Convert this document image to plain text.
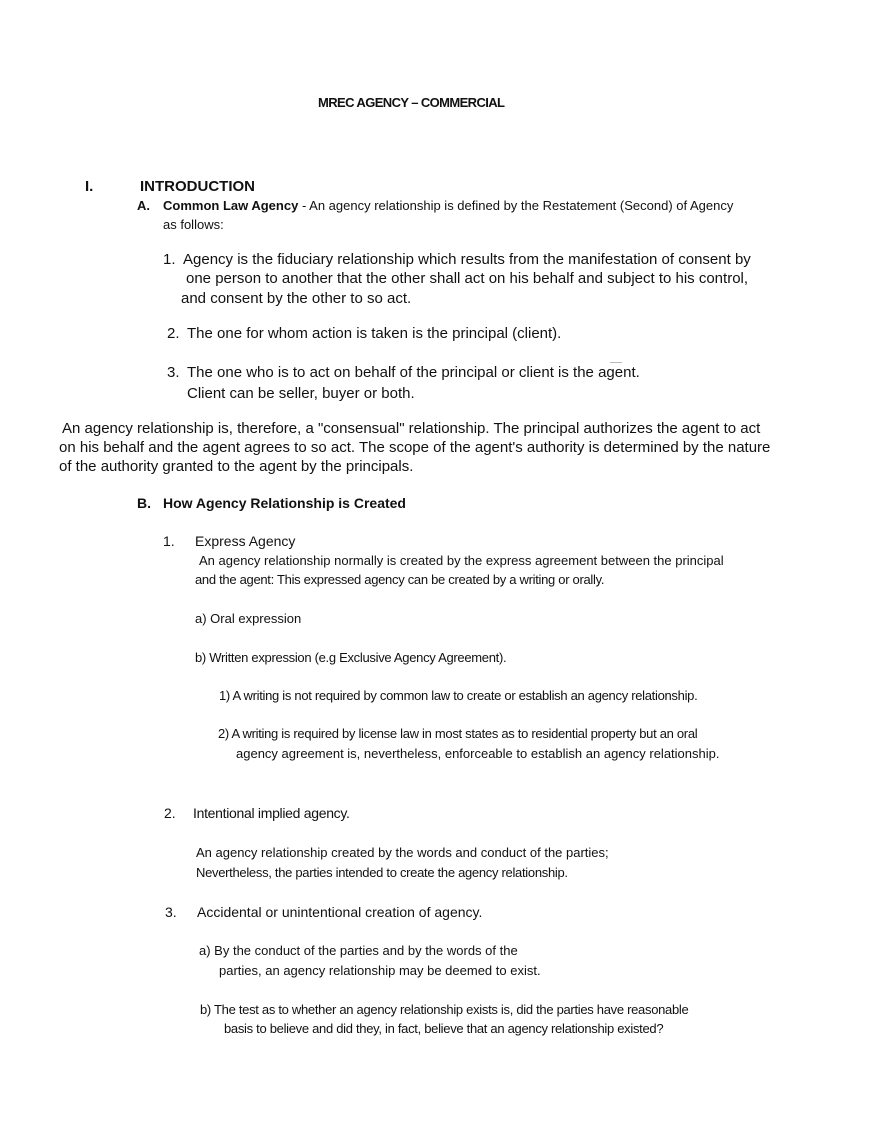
MREC AGENCY – COMMERCIAL
I.	INTRODUCTION
A. Common Law Agency - An agency relationship is defined by the Restatement (Second) of Agency
as follows:
1. Agency is the fiduciary relationship which results from the manifestation of consent by
one person to another that the other shall act on his behalf and subject to his control,
and consent by the other to so act.
2. The one for whom action is taken is the principal (client).
3. The one who is to act on behalf of the principal or client is the agent.
Client can be seller, buyer or both.
An agency relationship is, therefore, a "consensual" relationship. The principal authorizes the agent to act
on his behalf and the agent agrees to so act. The scope of the agent's authority is determined by the nature
of the authority granted to the agent by the principals.
B. How Agency Relationship is Created
1. Express Agency
An agency relationship normally is created by the express agreement between the principal
and the agent: This expressed agency can be created by a writing or orally.
a) Oral expression
b) Written expression (e.g Exclusive Agency Agreement).
1) A writing is not required by common law to create or establish an agency relationship.
2) A writing is required by license law in most states as to residential property but an oral
agency agreement is, nevertheless, enforceable to establish an agency relationship.
2. Intentional implied agency.
An agency relationship created by the words and conduct of the parties;
Nevertheless, the parties intended to create the agency relationship.
3. Accidental or unintentional creation of agency.
a) By the conduct of the parties and by the words of the
parties, an agency relationship may be deemed to exist.
b) The test as to whether an agency relationship exists is, did the parties have reasonable
basis to believe and did they, in fact, believe that an agency relationship existed?
